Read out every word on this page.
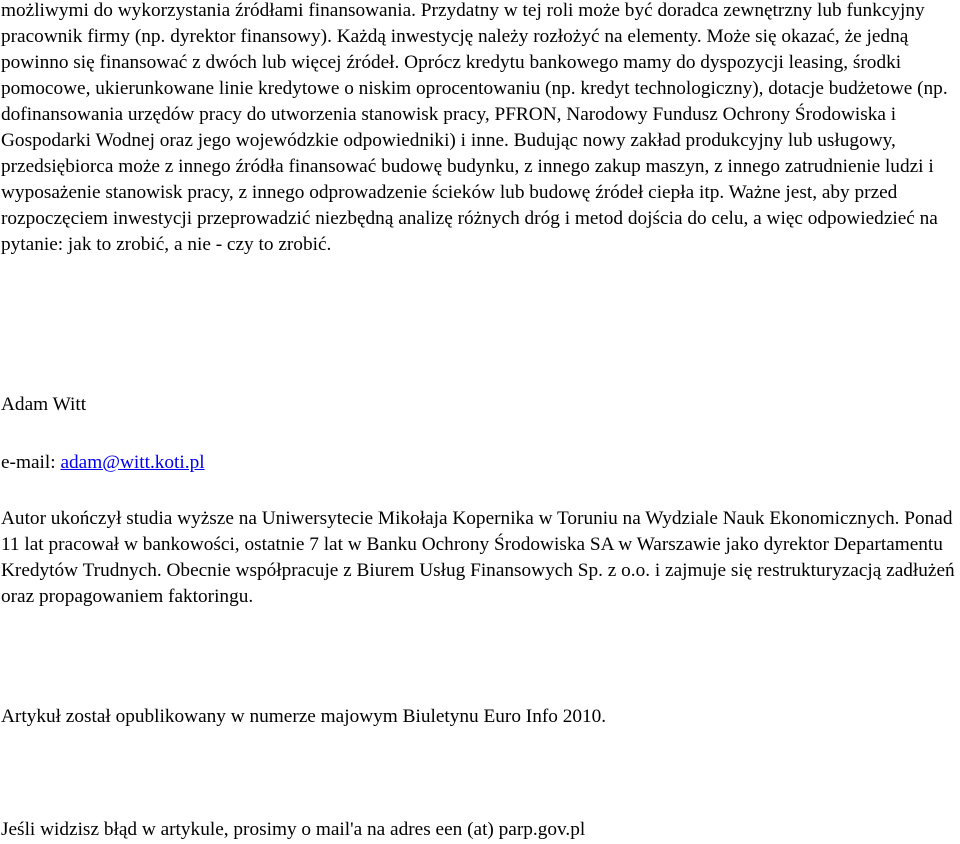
możliwymi do wykorzystania źródłami finansowania. Przydatny w tej roli może być doradca zewnętrzny lub funkcyjny pracownik firmy (np. dyrektor finansowy). Każdą inwestycję należy rozłożyć na elementy. Może się okazać, że jedną powinno się finansować z dwóch lub więcej źródeł. Oprócz kredytu bankowego mamy do dyspozycji leasing, środki pomocowe, ukierunkowane linie kredytowe o niskim oprocentowaniu (np. kredyt technologiczny), dotacje budżetowe (np. dofinansowania urzędów pracy do utworzenia stanowisk pracy, PFRON, Narodowy Fundusz Ochrony Środowiska i Gospodarki Wodnej oraz jego wojewódzkie odpowiedniki) i inne. Budując nowy zakład produkcyjny lub usługowy, przedsiębiorca może z innego źródła finansować budowę budynku, z innego zakup maszyn, z innego zatrudnienie ludzi i wyposażenie stanowisk pracy, z innego odprowadzenie ścieków lub budowę źródeł ciepła itp. Ważne jest, aby przed rozpoczęciem inwestycji przeprowadzić niezbędną analizę różnych dróg i metod dojścia do celu, a więc odpowiedzieć na pytanie: jak to zrobić, a nie - czy to zrobić.

Adam Witt

e-mail: adam@witt.koti.pl

Autor ukończył studia wyższe na Uniwersytecie Mikołaja Kopernika w Toruniu na Wydziale Nauk Ekonomicznych. Ponad 11 lat pracował w bankowości, ostatnie 7 lat w Banku Ochrony Środowiska SA w Warszawie jako dyrektor Departamentu Kredytów Trudnych. Obecnie współpracuje z Biurem Usług Finansowych Sp. z o.o. i zajmuje się restrukturyzacją zadłużeń oraz propagowaniem faktoringu.

Artykuł został opublikowany w numerze majowym Biuletynu Euro Info 2010.

Jeśli widzisz błąd w artykule, prosimy o mail'a na adres een (at) parp.gov.pl
